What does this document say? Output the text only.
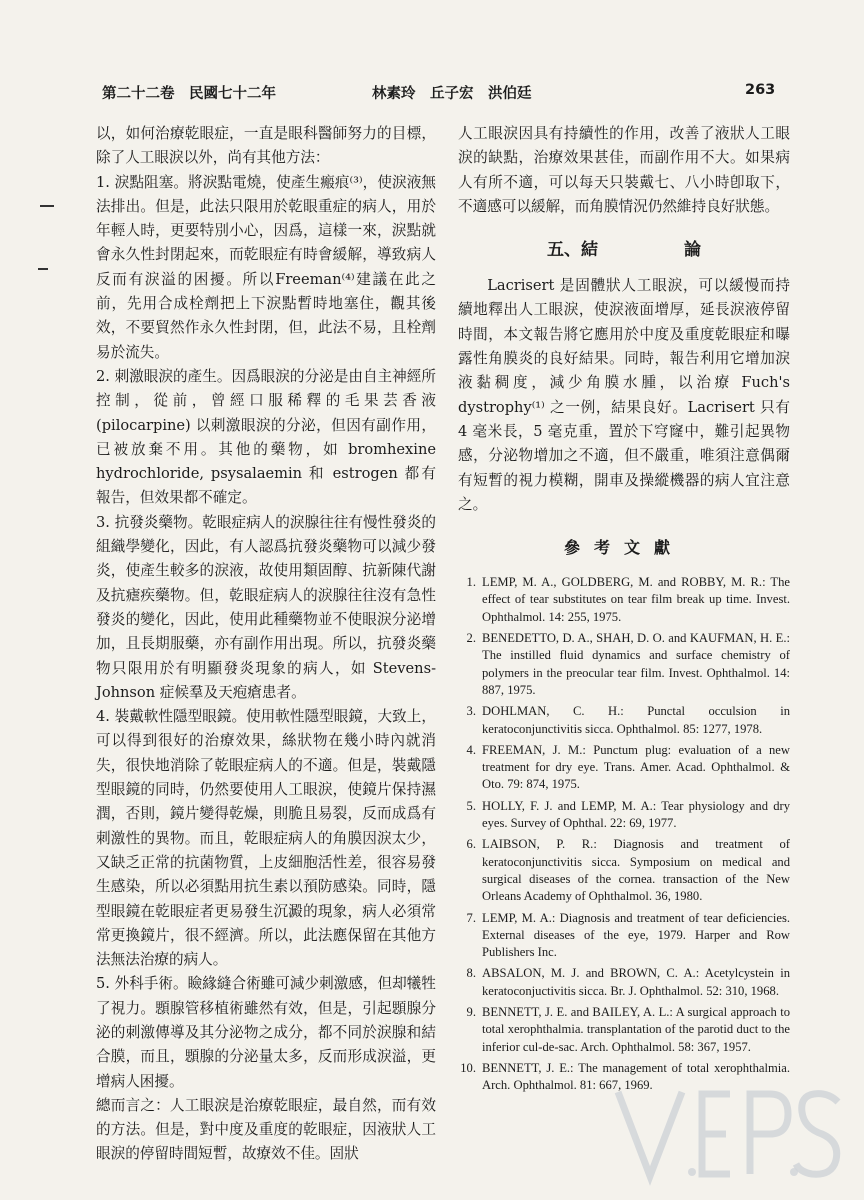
第二十二卷　民國七十二年	林素玲　丘子宏　洪伯廷	263

以，如何治療乾眼症，一直是眼科醫師努力的目標，除了人工眼淚以外，尚有其他方法：

1. 淚點阻塞。將淚點電燒，使產生瘢痕⁽³⁾，使淚液無法排出。但是，此法只限用於乾眼重症的病人，用於年輕人時，更要特別小心，因爲，這樣一來，淚點就會永久性封閉起來，而乾眼症有時會緩解，導致病人反而有淚溢的困擾。所以Freeman⁽⁴⁾建議在此之前，先用合成栓劑把上下淚點暫時地塞住，觀其後效，不要貿然作永久性封閉，但，此法不易，且栓劑易於流失。

2. 刺激眼淚的產生。因爲眼淚的分泌是由自主神經所控制，從前，曾經口服稀釋的毛果芸香液(pilocarpine) 以刺激眼淚的分泌，但因有副作用，已被放棄不用。其他的藥物，如 bromhexine hydrochloride, psysalaemin 和 estrogen 都有報告，但效果都不確定。

3. 抗發炎藥物。乾眼症病人的淚腺往往有慢性發炎的組織學變化，因此，有人認爲抗發炎藥物可以減少發炎，使產生較多的淚液，故使用類固醇、抗新陳代謝及抗瘧疾藥物。但，乾眼症病人的淚腺往往沒有急性發炎的變化，因此，使用此種藥物並不使眼淚分泌增加，且長期服藥，亦有副作用出現。所以，抗發炎藥物只限用於有明顯發炎現象的病人，如 Stevens-Johnson 症候羣及天疱瘡患者。

4. 裝戴軟性隱型眼鏡。使用軟性隱型眼鏡，大致上，可以得到很好的治療效果，絲狀物在幾小時內就消失，很快地消除了乾眼症病人的不適。但是，裝戴隱型眼鏡的同時，仍然要使用人工眼淚，使鏡片保持濕潤，否則，鏡片變得乾燥，則脆且易裂，反而成爲有刺激性的異物。而且，乾眼症病人的角膜因淚太少，又缺乏正常的抗菌物質，上皮細胞活性差，很容易發生感染，所以必須點用抗生素以預防感染。同時，隱型眼鏡在乾眼症者更易發生沉澱的現象，病人必須常常更換鏡片，很不經濟。所以，此法應保留在其他方法無法治療的病人。

5. 外科手術。瞼緣縫合術雖可減少刺激感，但却犧牲了視力。顋腺管移植術雖然有效，但是，引起顋腺分泌的刺激傳導及其分泌物之成分，都不同於淚腺和結合膜，而且，顋腺的分泌量太多，反而形成淚溢，更增病人困擾。

總而言之：人工眼淚是治療乾眼症，最自然，而有效的方法。但是，對中度及重度的乾眼症，因液狀人工眼淚的停留時間短暫，故療效不佳。固狀

人工眼淚因具有持續性的作用，改善了液狀人工眼淚的缺點，治療效果甚佳，而副作用不大。如果病人有所不適，可以每天只裝戴七、八小時卽取下，不適感可以緩解，而角膜情況仍然維持良好狀態。

五、結	論

Lacrisert 是固體狀人工眼淚，可以緩慢而持續地釋出人工眼淚，使淚液面增厚，延長淚液停留時間，本文報告將它應用於中度及重度乾眼症和曝露性角膜炎的良好結果。同時，報告利用它增加淚液黏稠度，減少角膜水腫，以治療 Fuch's dystrophy⁽¹⁾ 之一例，結果良好。Lacrisert 只有 4 毫米長，5 毫克重，置於下穹窿中，難引起異物感，分泌物增加之不適，但不嚴重，唯須注意偶爾有短暫的視力模糊，開車及操縱機器的病人宜注意之。

參考文獻
1. LEMP, M. A., GOLDBERG, M. and ROBBY, M. R.: The effect of tear substitutes on tear film break up time. Invest. Ophthalmol. 14: 255, 1975.
2. BENEDETTO, D. A., SHAH, D. O. and KAUFMAN, H. E.: The instilled fluid dynamics and surface chemistry of polymers in the preocular tear film. Invest. Ophthalmol. 14: 887, 1975.
3. DOHLMAN, C. H.: Punctal occulsion in keratoconjunctivitis sicca. Ophthalmol. 85: 1277, 1978.
4. FREEMAN, J. M.: Punctum plug: evaluation of a new treatment for dry eye. Trans. Amer. Acad. Ophthalmol. & Oto. 79: 874, 1975.
5. HOLLY, F. J. and LEMP, M. A.: Tear physiology and dry eyes. Survey of Ophthal. 22: 69, 1977.
6. LAIBSON, P. R.: Diagnosis and treatment of keratoconjunctivitis sicca. Symposium on medical and surgical diseases of the cornea. transaction of the New Orleans Academy of Ophthalmol. 36, 1980.
7. LEMP, M. A.: Diagnosis and treatment of tear deficiencies. External diseases of the eye, 1979. Harper and Row Publishers Inc.
8. ABSALON, M. J. and BROWN, C. A.: Acetylcystein in keratoconjuctivitis sicca. Br. J. Ophthalmol. 52: 310, 1968.
9. BENNETT, J. E. and BAILEY, A. L.: A surgical approach to total xerophthalmia. transplantation of the parotid duct to the inferior cul-de-sac. Arch. Ophthalmol. 58: 367, 1957.
10. BENNETT, J. E.: The management of total xerophthalmia. Arch. Ophthalmol. 81: 667, 1969.
